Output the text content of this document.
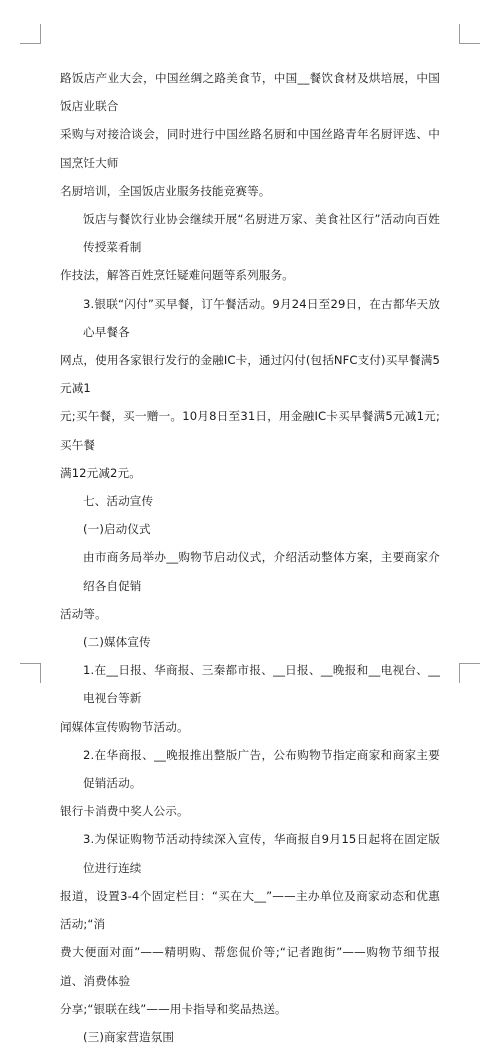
路饭店产业大会，中国丝绸之路美食节，中国__餐饮食材及烘培展，中国饭店业联合
采购与对接洽谈会，同时进行中国丝路名厨和中国丝路青年名厨评选、中国烹饪大师
名厨培训，全国饭店业服务技能竞赛等。

饭店与餐饮行业协会继续开展“名厨进万家、美食社区行”活动向百姓传授菜肴制
作技法，解答百姓烹饪疑难问题等系列服务。

3.银联“闪付”买早餐，订午餐活动。9月24日至29日，在古都华天放心早餐各
网点，使用各家银行发行的金融IC卡，通过闪付(包括NFC支付)买早餐满5元减1
元;买午餐，买一赠一。10月8日至31日，用金融IC卡买早餐满5元减1元;买午餐
满12元减2元。

七、活动宣传

(一)启动仪式

由市商务局举办__购物节启动仪式，介绍活动整体方案，主要商家介绍各自促销
活动等。

(二)媒体宣传

1.在__日报、华商报、三秦都市报、__日报、__晚报和__电视台、__电视台等新
闻媒体宣传购物节活动。

2.在华商报、__晚报推出整版广告，公布购物节指定商家和商家主要促销活动。

银行卡消费中奖人公示。

3.为保证购物节活动持续深入宣传，华商报自9月15日起将在固定版位进行连续
报道，设置3-4个固定栏目：“买在大__”——主办单位及商家动态和优惠活动;“消
费大便面对面”——精明购、帮您侃价等;“记者跑街”——购物节细节报道、消费体验
分享;“银联在线”——用卡指导和奖品热送。

(三)商家营造氛围
